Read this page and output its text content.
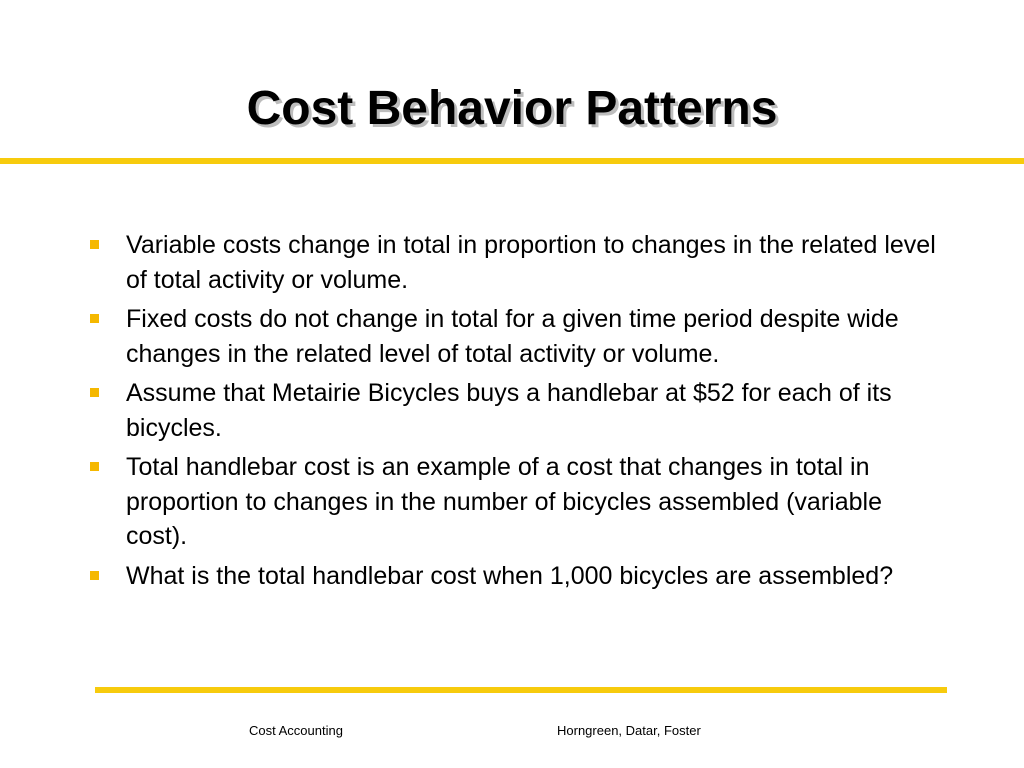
Cost Behavior Patterns
Variable costs change in total in proportion to changes in the related level of total activity or volume.
Fixed costs do not change in total for a given time period despite wide changes in the related level of total activity or volume.
Assume that Metairie Bicycles buys a handlebar at $52 for each of its bicycles.
Total handlebar cost is an example of a cost that changes in total in proportion to changes in the number of bicycles assembled (variable cost).
What is the total handlebar cost when 1,000 bicycles are assembled?
Cost Accounting	Horngreen, Datar, Foster
